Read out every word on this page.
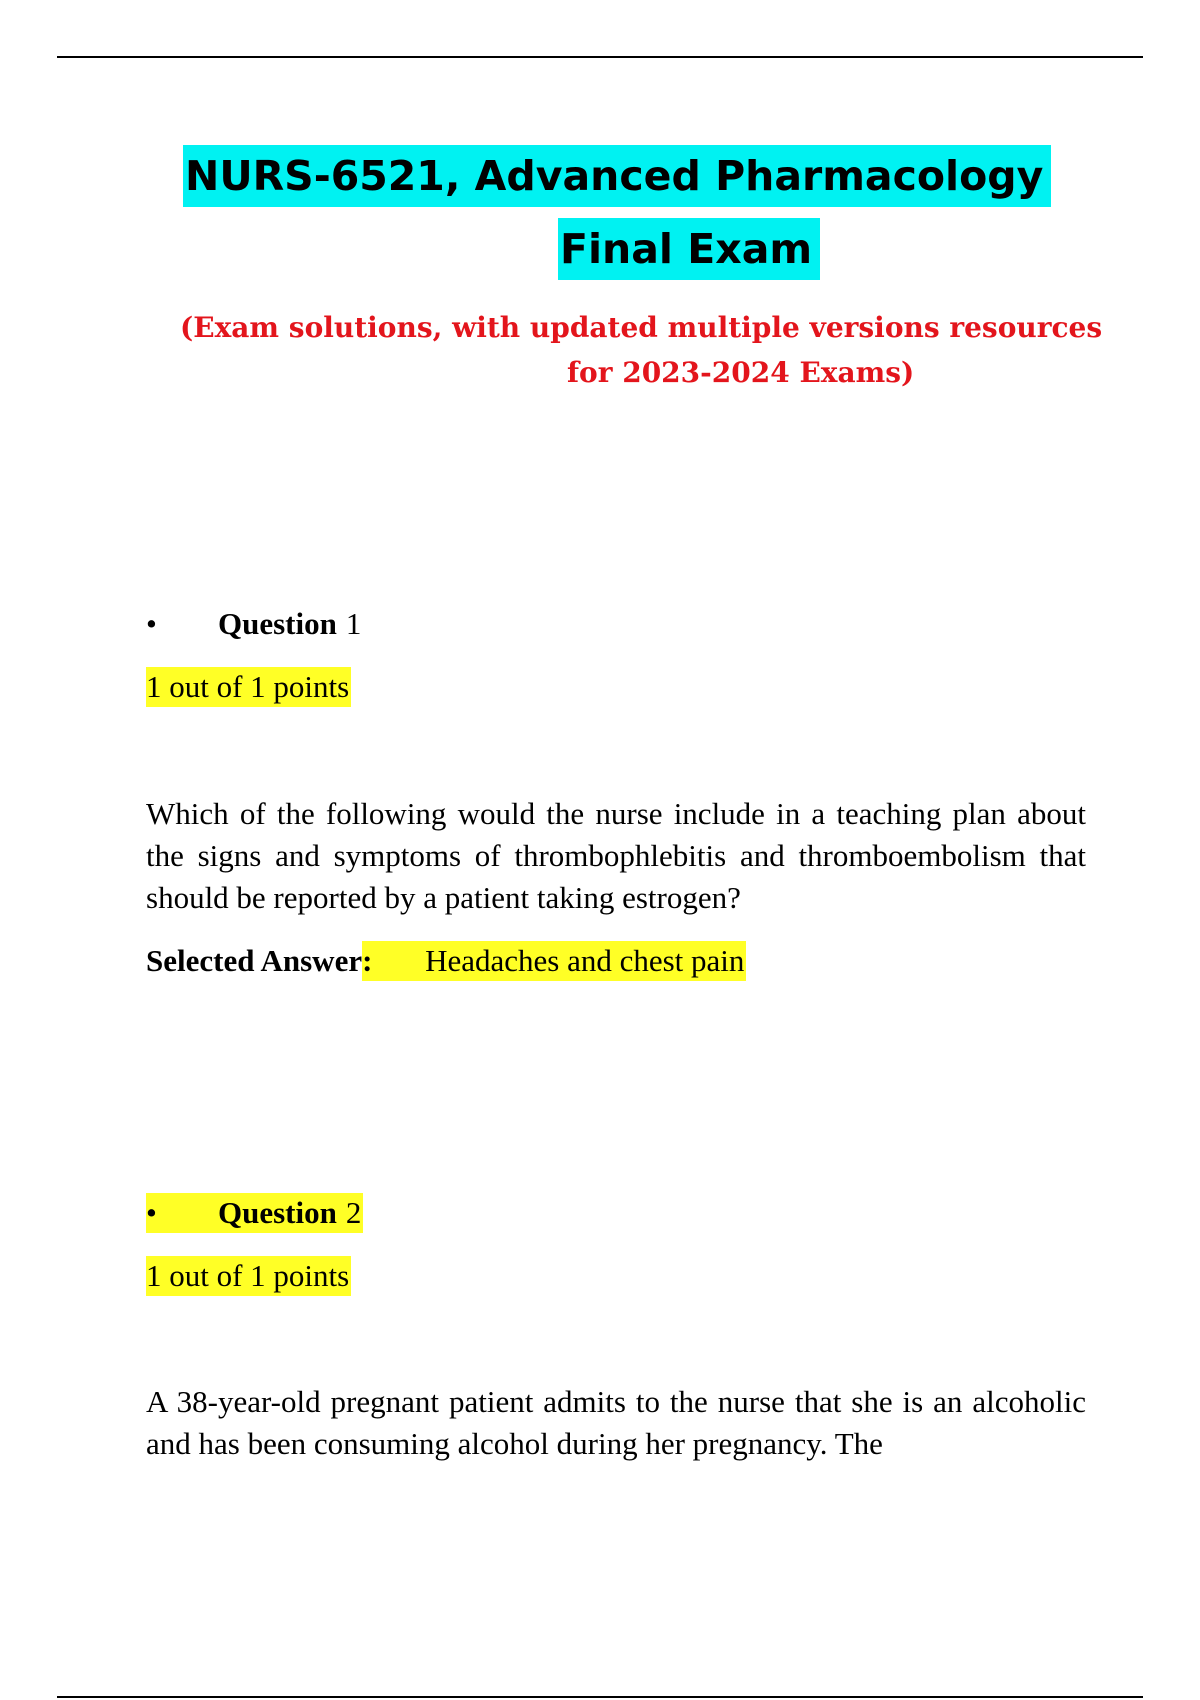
NURS-6521, Advanced Pharmacology
Final Exam
(Exam solutions, with updated multiple versions resources
for 2023-2024 Exams)
•	Question 1
1 out of 1 points

Which of the following would the nurse include in a teaching plan about the signs and symptoms of thrombophlebitis and thromboembolism that should be reported by a patient taking estrogen?

Selected Answer :	Headaches and chest pain
•	Question 2
1 out of 1 points

A 38-year-old pregnant patient admits to the nurse that she is an alcoholic and has been consuming alcohol during her pregnancy. The
